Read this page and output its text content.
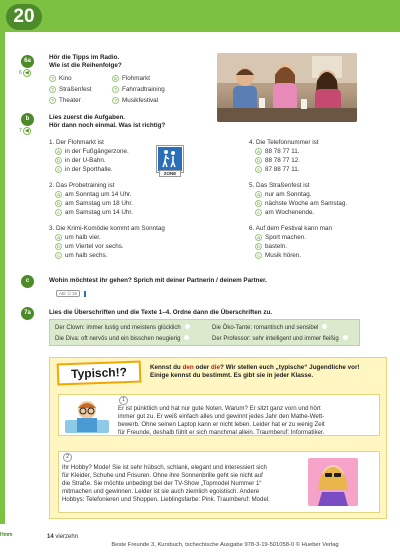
20
Hmm
6a
6 ◀
Hör die Tipps im Radio.
Wie ist die Reihenfolge?
? Kino	5 Flohmarkt
? Straßenfest	? Fahrradtraining
? Theater	? Musikfestival
b
7 ◀
Lies zuerst die Aufgaben.
Hör dann noch einmal. Was ist richtig?
1. Der Flohmarkt ist
a in der Fußgängerzone.
b in der U-Bahn.
c in der Sporthalle.
ZONE
2. Das Probetraining ist
a am Sonntag um 14 Uhr.
b am Samstag um 18 Uhr.
c am Samstag um 14 Uhr.
3. Die Krimi-Komödie kommt am Sonntag
a um halb vier.
b um Viertel vor sechs.
c um halb sechs.
4. Die Telefonnummer ist
a 88 78 77 11.
b 88 78 77 12.
c 87 88 77 11.
5. Das Straßenfest ist
a nur am Sonntag.
b nächste Woche am Samstag.
c am Wochenende.
6. Auf dem Festival kann man
a Sport machen.
b basteln.
c Musik hören.
c	Wohin möchtest ihr gehen? Sprich mit deiner Partnerin / deinem Partner.
AB: Ü 16
7a	Lies die Überschriften und die Texte 1–4. Ordne dann die Überschriften zu.
Der Clown: immer lustig und meistens glücklich	Die Öko-Tante: romantisch und sensibel
Die Diva: oft nervös und ein bisschen neugierig	Der Professor: sehr intelligent und immer fleißig
Typisch!?	Kennst du den oder die? Wir stellen euch „typische“ Jugendliche vor!
Einige kennst du bestimmt. Es gibt sie in jeder Klasse.
1
Er ist pünktlich und hat nur gute Noten. Warum? Er sitzt ganz vorn und hört
immer gut zu. Er weiß einfach alles und gewinnt jedes Jahr den Mathe-Wett-
bewerb. Ohne seinen Laptop kann er nicht leben. Leider hat er zu wenig Zeit
für Freunde, deshalb fühlt er sich manchmal allein. Traumberuf: Informatiker.
2
Ihr Hobby? Mode! Sie ist sehr hübsch, schlank, elegant und interessiert sich
für Kleider, Schuhe und Frisuren. Ohne ihre Sonnenbrille geht sie nicht auf
die Straße. Sie möchte unbedingt bei der TV-Show „Topmodel Nummer 1“
mitmachen und gewinnen. Leider ist sie auch ziemlich egoistisch. Andere
Hobbys: Telefonieren und Shoppen. Lieblingsfarbe: Pink. Traumberuf: Model.
14 vierzehn
Beste Freunde 3, Kursbuch, tschechische Ausgabe 978-3-19-501058-0 © Hueber Verlag
